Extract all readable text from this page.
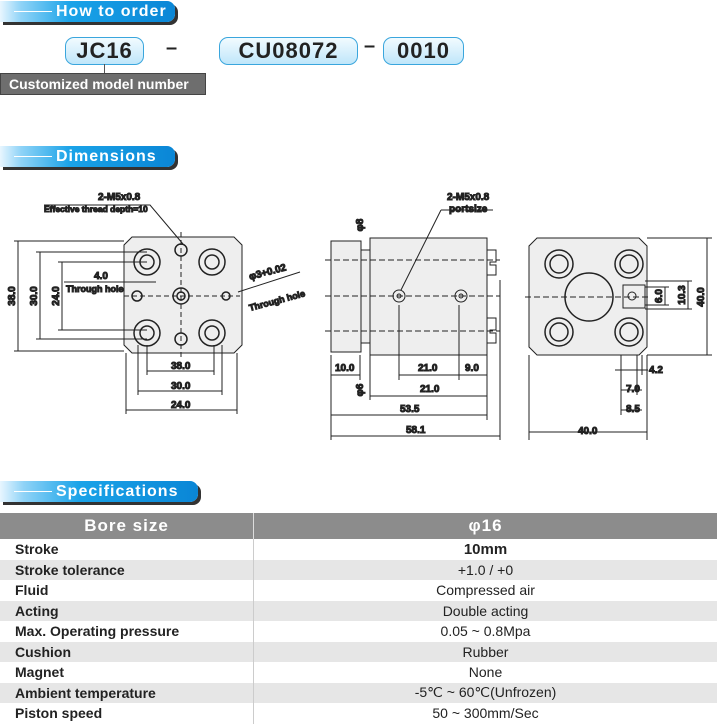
How to order
JC16	–	CU08072	– 0010
Customized model number
Dimensions
2-M5x0.8
Effective thread depth=10
4.0
Through hole
φ3+0.02
Through hole
38.0 30.0 24.0
38.0
30.0
24.0
2-M5x0.8
portsize
φ8
φ6
10.0	21.0	9.0
21.0
53.5
58.1
40.0
10.3
6.0
4.2
7.0
8.5
40.0
Specifications
Bore size	φ16
Stroke	10mm
Stroke tolerance	+1.0 / +0
Fluid	Compressed air
Acting	Double acting
Max. Operating pressure	0.05 ~ 0.8Mpa
Cushion	Rubber
Magnet	None
Ambient temperature	-5℃ ~ 60℃(Unfrozen)
Piston speed	50 ~ 300mm/Sec
